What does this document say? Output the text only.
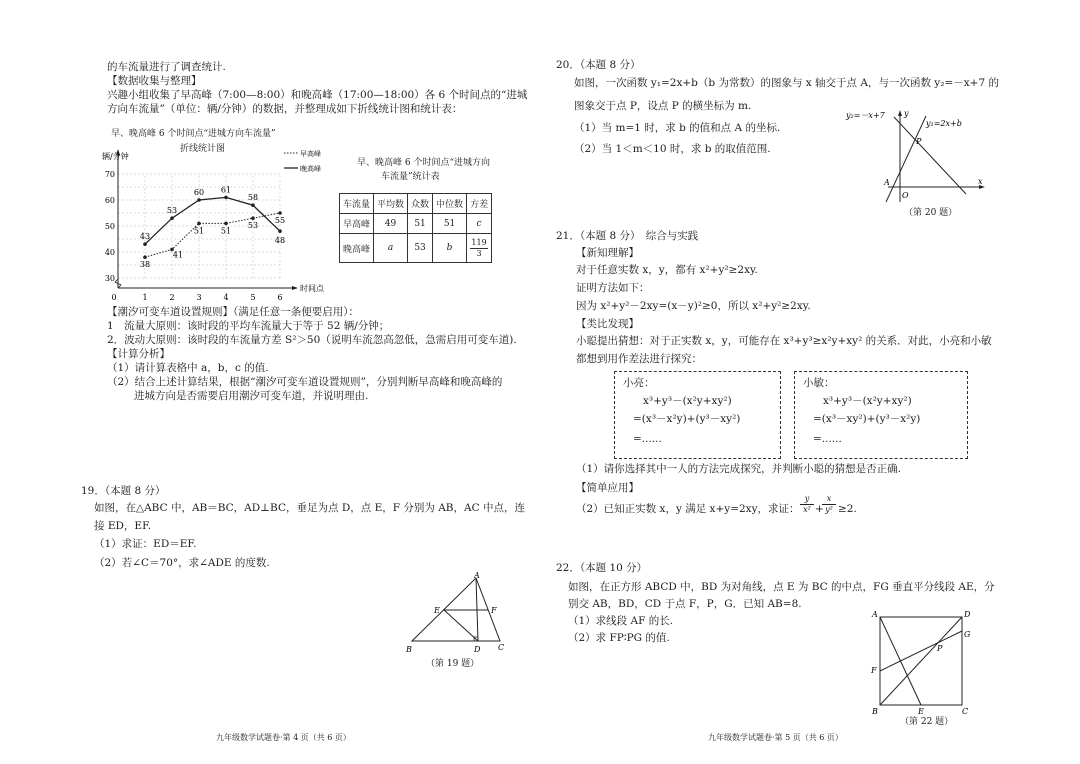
的车流量进行了调查统计.
【数据收集与整理】
兴趣小组收集了早高峰（7:00—8:00）和晚高峰（17:00—18:00）各 6 个时间点的“进城
方向车流量”（单位：辆/分钟）的数据，并整理成如下折线统计图和统计表：
早、晚高峰 6 个时间点“进城方向车流量”
折线统计图
30
40
50
60
70
0	1	2	3	4	5	6
辆/分钟
时间点
早高峰
晚高峰
38
41
51 51
53
55
43
53
60 61
58
48
早、晚高峰 6 个时间点“进城方向
车流量”统计表
车流量	平均数	众数	中位数	方差
早高峰	49	51	51	c
晚高峰	a	53	b	119
3
【潮汐可变车道设置规则】（满足任意一条便要启用）：
1　流量大原则：该时段的平均车流量大于等于 52 辆/分钟；
2．波动大原则：该时段的车流量方差 S²＞50（说明车流忽高忽低，急需启用可变车道).
【计算分析】
（1）请计算表格中 a，b，c 的值.
（2）结合上述计算结果，根据“潮汐可变车道设置规则”，分别判断早高峰和晚高峰的
进城方向是否需要启用潮汐可变车道，并说明理由.
19．（本题 8 分）
如图，在△ABC 中，AB＝BC，AD⊥BC，垂足为点 D，点 E，F 分别为 AB，AC 中点，连
接 ED，EF.
（1）求证：ED＝EF.
（2）若∠C＝70°，求∠ADE 的度数.
A
B	D C
E	F
（第 19 题）
九年级数学试题卷·第 4 页（共 6 页）
20．（本题 8 分）
如图，一次函数 y₁=2x+b（b 为常数）的图象与 x 轴交于点 A，与一次函数 y₂=－x+7 的
图象交于点 P，设点 P 的横坐标为 m.
（1）当 m=1 时，求 b 的值和点 A 的坐标.
（2）当 1＜m＜10 时，求 b 的取值范围.
y₂=－x+7
y₁=2x+b
y
x
P
A
O
（第 20 题）
21．（本题 8 分）　综合与实践
【新知理解】
对于任意实数 x，y，都有 x²+y²≥2xy.
证明方法如下：
因为 x²+y²－2xy=(x－y)²≥0，所以 x²+y²≥2xy.
【类比发现】
小聪提出猜想：对于正实数 x，y，可能存在 x³+y³≥x²y+xy² 的关系．对此，小亮和小敏
都想到用作差法进行探究：
小亮：
x³+y³－(x²y+xy²)
=(x³－x²y)+(y³－xy²)
=......
小敏：
x³+y³－(x²y+xy²)
=(x³－xy²)+(y³－x²y)
=......
（1）请你选择其中一人的方法完成探究，并判断小聪的猜想是否正确.
【简单应用】
（2）已知正实数 x，y 满足 x+y=2xy，求证： $\frac{y}{\text{x²}}$ +
$\frac{x}{\text{y²}} \ge 2$.
22．（本题 10 分）
如图，在正方形 ABCD 中，BD 为对角线，点 E 为 BC 的中点，FG 垂直平分线段 AE，分
别交 AB，BD，CD 于点 F，P，G．已知 AB=8.
（1）求线段 AF 的长.
（2）求 FP∶PG 的值.
A	D
G
P
F
B	E	C
（第 22 题）
九年级数学试题卷·第 5 页（共 6 页）
